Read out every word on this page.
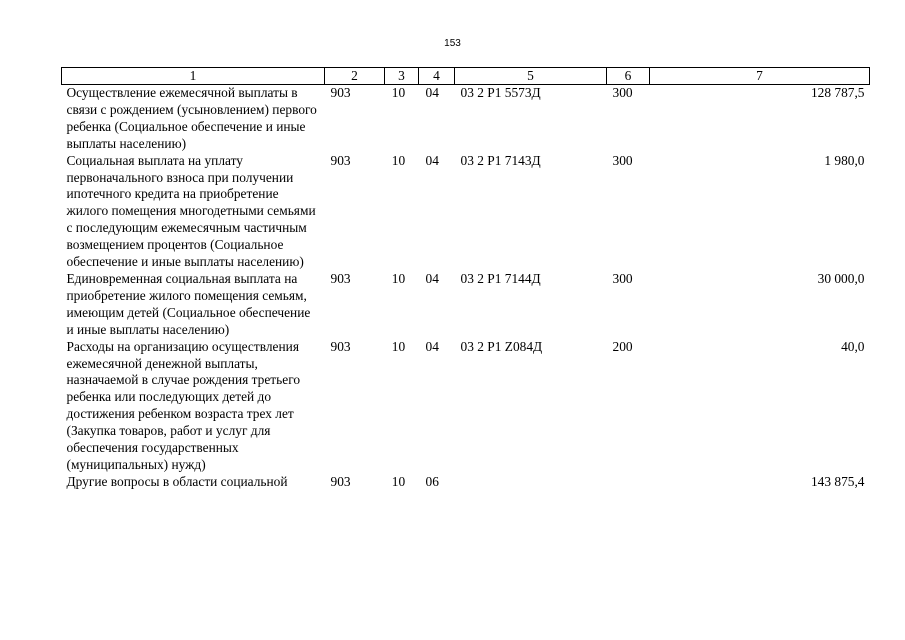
153
1	2	3	4	5	6	7
Осуществление ежемесячной выплаты в связи с рождением (усыновлением) первого ребенка (Социальное обеспечение и иные выплаты населению)	903	10	04	03 2 P1 5573Д	300	128 787,5
Социальная выплата на уплату первоначального взноса при получении ипотечного кредита на приобретение жилого помещения многодетными семьями с последующим ежемесячным частичным возмещением процентов (Социальное обеспечение и иные выплаты населению)	903	10	04	03 2 P1 7143Д	300	1 980,0
Единовременная социальная выплата на приобретение жилого помещения семьям, имеющим детей (Социальное обеспечение и иные выплаты населению)	903	10	04	03 2 P1 7144Д	300	30 000,0
Расходы на организацию осуществления ежемесячной денежной выплаты, назначаемой в случае рождения третьего ребенка или последующих детей до достижения ребенком возраста трех лет (Закупка товаров, работ и услуг для обеспечения государственных (муниципальных) нужд)	903	10	04	03 2 P1 Z084Д	200	40,0
Другие вопросы в области социальной	903	10	06			143 875,4
